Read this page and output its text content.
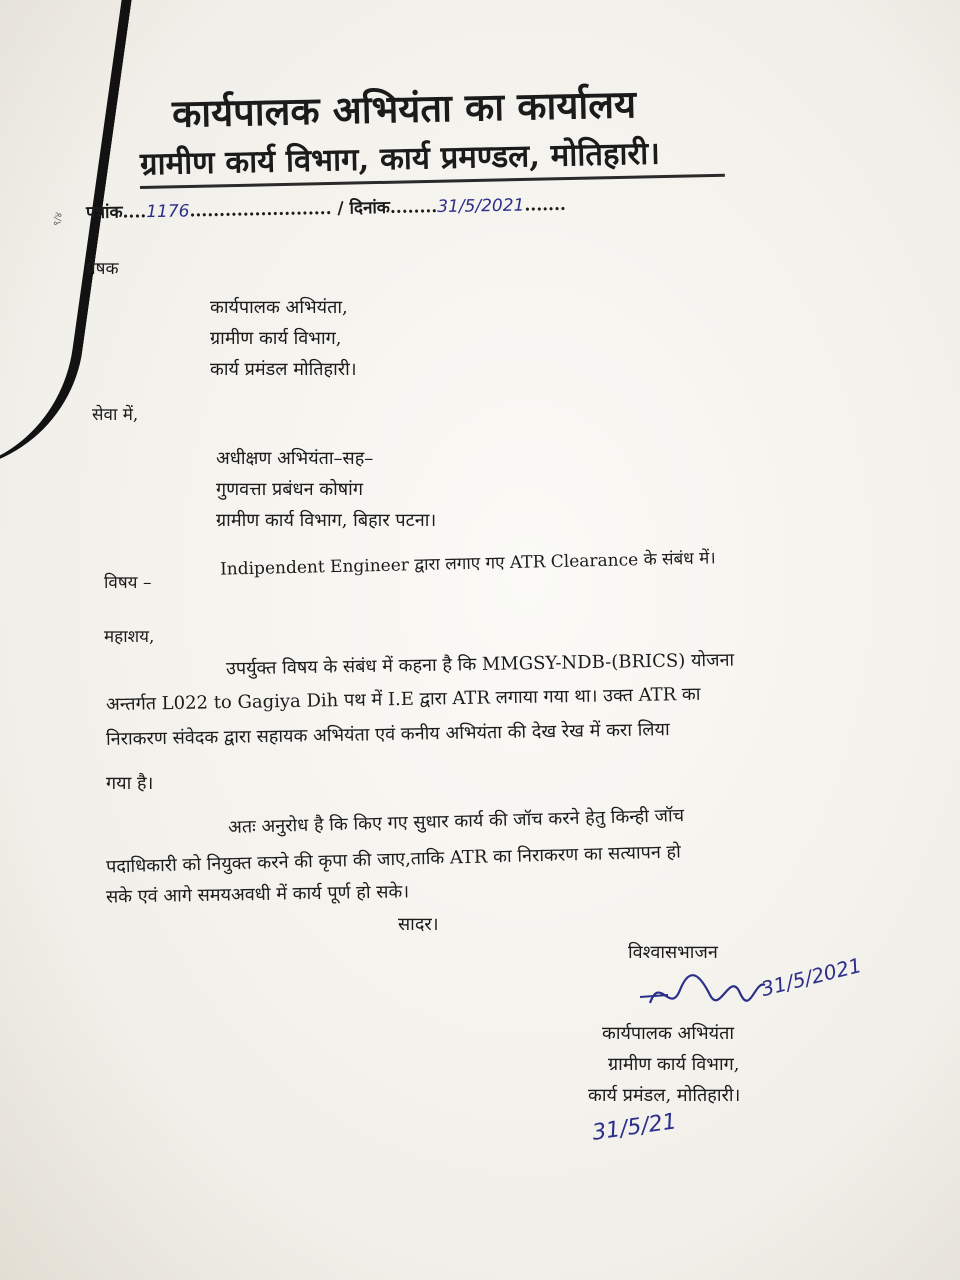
९/४
कार्यपालक अभियंता का कार्यालय
ग्रामीण कार्य विभाग, कार्य प्रमण्डल, मोतिहारी।
पत्रांक....1176........................ / दिनांक........31/5/2021.......
प्रेषक
कार्यपालक अभियंता,
ग्रामीण कार्य विभाग,
कार्य प्रमंडल मोतिहारी।
सेवा में,
अधीक्षण अभियंता–सह–
गुणवत्ता प्रबंधन कोषांग
ग्रामीण कार्य विभाग, बिहार पटना।
विषय –
Indipendent Engineer द्वारा लगाए गए ATR Clearance के संबंध में।
महाशय,
उपर्युक्त विषय के संबंध में कहना है कि MMGSY-NDB-(BRICS) योजना
अन्तर्गत L022 to Gagiya Dih पथ में I.E द्वारा ATR लगाया गया था। उक्त ATR का
निराकरण संवेदक द्वारा सहायक अभियंता एवं कनीय अभियंता की देख रेख में करा लिया
गया है।
अतः अनुरोध है कि किए गए सुधार कार्य की जॉच करने हेतु किन्ही जॉच
पदाधिकारी को नियुक्त करने की कृपा की जाए,ताकि ATR का निराकरण का सत्यापन हो
सके एवं आगे समयअवधी में कार्य पूर्ण हो सके।
सादर।
विश्वासभाजन
31/5/2021
कार्यपालक अभियंता
ग्रामीण कार्य विभाग,
कार्य प्रमंडल, मोतिहारी।
31/5/21
